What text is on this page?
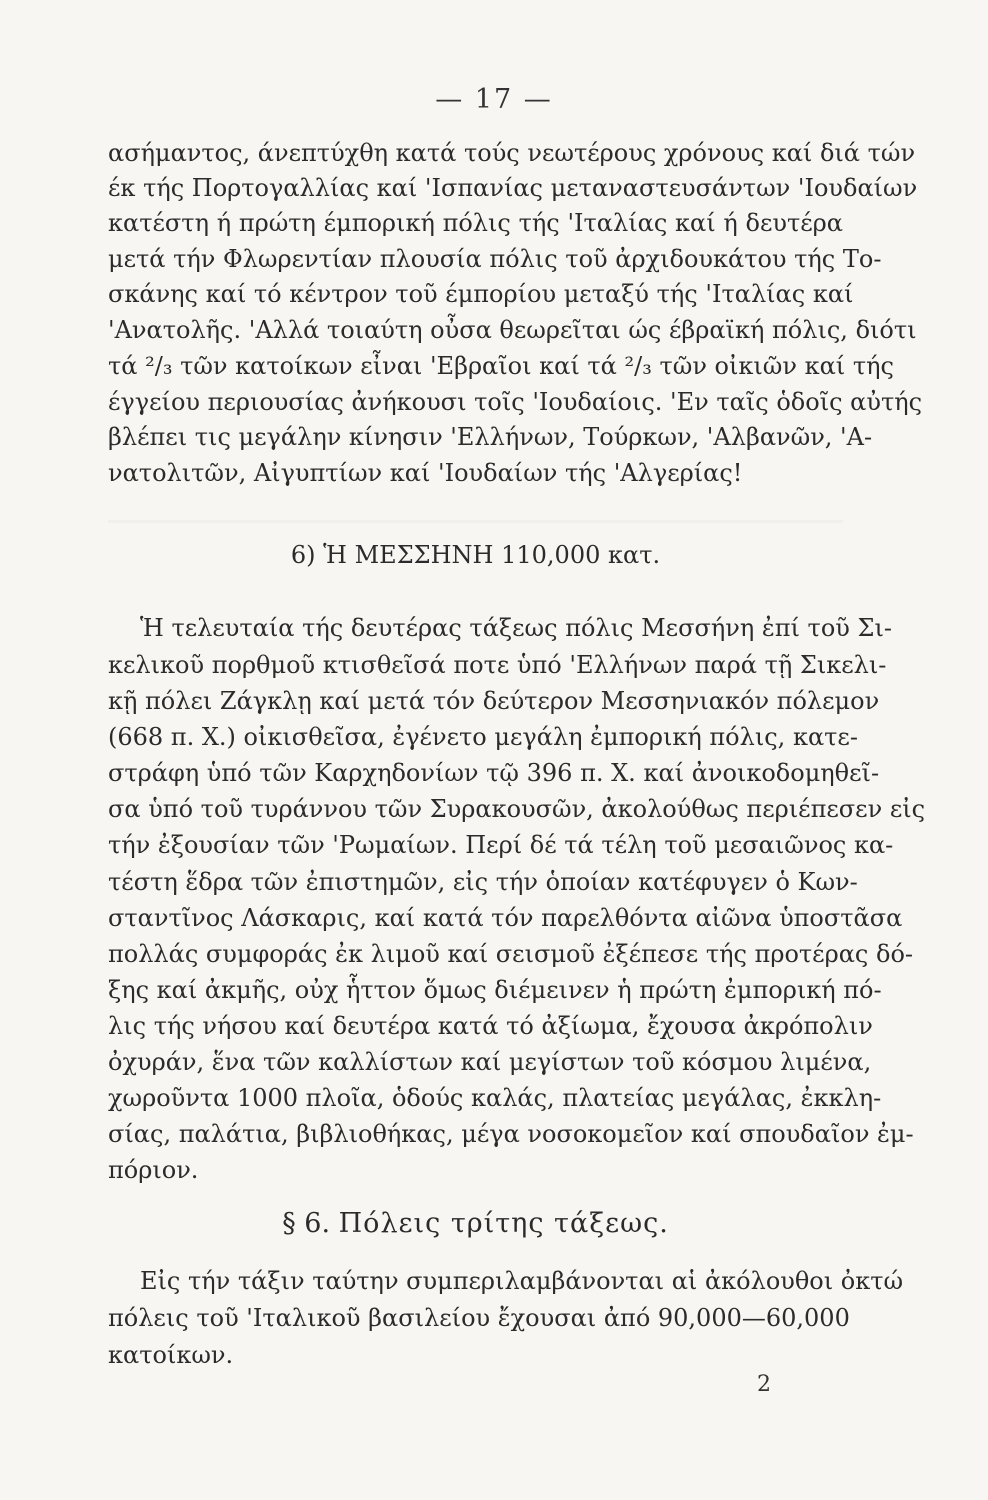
— 17 —
ασήμαντος, άνεπτύχθη κατά τούς νεωτέρους χρόνους καί διά τών
έκ τής Πορτογαλλίας καί 'Ισπανίας μεταναστευσάντων 'Ιουδαίων
κατέστη ή πρώτη έμπορική πόλις τής 'Ιταλίας καί ή δευτέρα
μετά τήν Φλωρεντίαν πλουσία πόλις τοῦ ἀρχιδουκάτου τής Το-
σκάνης καί τό κέντρον τοῦ έμπορίου μεταξύ τής 'Ιταλίας καί
'Ανατολῆς. 'Αλλά τοιαύτη οὖσα θεωρεῖται ώς έβραϊκή πόλις, διότι
τά ²/₃ τῶν κατοίκων εἶναι 'Εβραῖοι καί τά ²/₃ τῶν οἰκιῶν καί τής
έγγείου περιουσίας ἀνήκουσι τοῖς 'Ιουδαίοις. 'Εν ταῖς ὁδοῖς αὐτής
βλέπει τις μεγάλην κίνησιν 'Ελλήνων, Τούρκων, 'Αλβανῶν, 'Α-
νατολιτῶν, Αἰγυπτίων καί 'Ιουδαίων τής 'Αλγερίας!
6) Ἡ ΜΕΣΣΗΝΗ 110,000 κατ.
Ἡ τελευταία τής δευτέρας τάξεως πόλις Μεσσήνη ἐπί τοῦ Σι-
κελικοῦ πορθμοῦ κτισθεῖσά ποτε ὑπό 'Ελλήνων παρά τῇ Σικελι-
κῇ πόλει Ζάγκλῃ καί μετά τόν δεύτερον Μεσσηνιακόν πόλεμον
(668 π. Χ.) οἰκισθεῖσα, ἐγένετο μεγάλη ἐμπορική πόλις, κατε-
στράφη ὑπό τῶν Καρχηδονίων τῷ 396 π. Χ. καί ἀνοικοδομηθεῖ-
σα ὑπό τοῦ τυράννου τῶν Συρακουσῶν, ἀκολούθως περιέπεσεν εἰς
τήν ἐξουσίαν τῶν 'Ρωμαίων. Περί δέ τά τέλη τοῦ μεσαιῶνος κα-
τέστη ἕδρα τῶν ἐπιστημῶν, εἰς τήν ὁποίαν κατέφυγεν ὁ Κων-
σταντῖνος Λάσκαρις, καί κατά τόν παρελθόντα αἰῶνα ὑποστᾶσα
πολλάς συμφοράς ἐκ λιμοῦ καί σεισμοῦ ἐξέπεσε τής προτέρας δό-
ξης καί ἀκμῆς, οὐχ ἧττον ὅμως διέμεινεν ἡ πρώτη ἐμπορική πό-
λις τής νήσου καί δευτέρα κατά τό ἀξίωμα, ἔχουσα ἀκρόπολιν
ὀχυράν, ἕνα τῶν καλλίστων καί μεγίστων τοῦ κόσμου λιμένα,
χωροῦντα 1000 πλοῖα, ὁδούς καλάς, πλατείας μεγάλας, ἐκκλη-
σίας, παλάτια, βιβλιοθήκας, μέγα νοσοκομεῖον καί σπουδαῖον ἐμ-
πόριον.
§ 6. Πόλεις τρίτης τάξεως.
Εἰς τήν τάξιν ταύτην συμπεριλαμβάνονται αἱ ἀκόλουθοι ὀκτώ
πόλεις τοῦ 'Ιταλικοῦ βασιλείου ἔχουσαι ἀπό 90,000—60,000
κατοίκων.
2
